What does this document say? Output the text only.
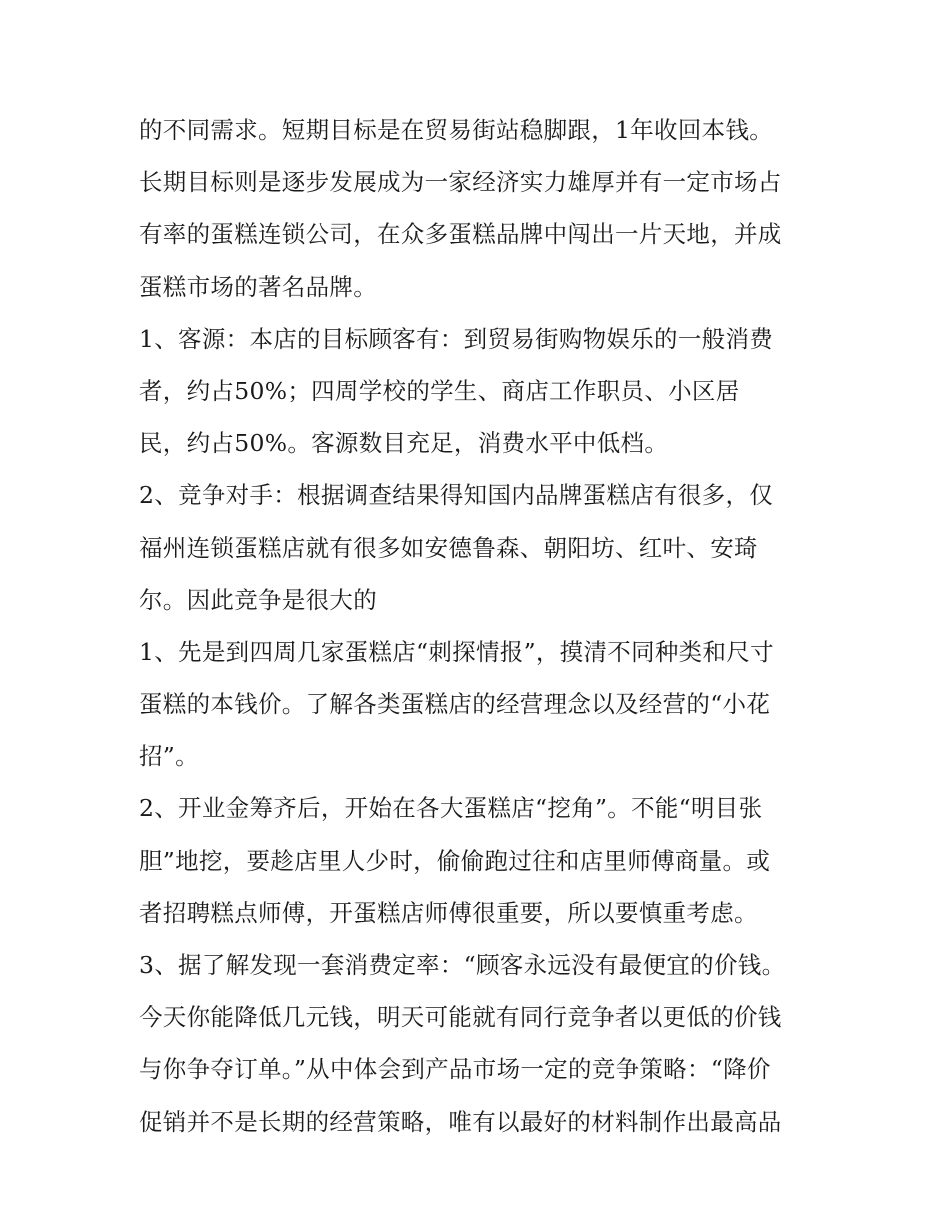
的不同需求。短期目标是在贸易街站稳脚跟，1年收回本钱。
长期目标则是逐步发展成为一家经济实力雄厚并有一定市场占
有率的蛋糕连锁公司，在众多蛋糕品牌中闯出一片天地，并成
蛋糕市场的著名品牌。
1、客源：本店的目标顾客有：到贸易街购物娱乐的一般消费
者，约占50%；四周学校的学生、商店工作职员、小区居
民，约占50%。客源数目充足，消费水平中低档。
2、竞争对手：根据调查结果得知国内品牌蛋糕店有很多，仅
福州连锁蛋糕店就有很多如安德鲁森、朝阳坊、红叶、安琦
尔。因此竞争是很大的
1、先是到四周几家蛋糕店“刺探情报”，摸清不同种类和尺寸
蛋糕的本钱价。了解各类蛋糕店的经营理念以及经营的“小花
招”。
2、开业金筹齐后，开始在各大蛋糕店“挖角”。不能“明目张
胆”地挖，要趁店里人少时，偷偷跑过往和店里师傅商量。或
者招聘糕点师傅，开蛋糕店师傅很重要，所以要慎重考虑。
3、据了解发现一套消费定率：“顾客永远没有最便宜的价钱。
今天你能降低几元钱，明天可能就有同行竞争者以更低的价钱
与你争夺订单。”从中体会到产品市场一定的竞争策略：“降价
促销并不是长期的经营策略，唯有以最好的材料制作出最高品
